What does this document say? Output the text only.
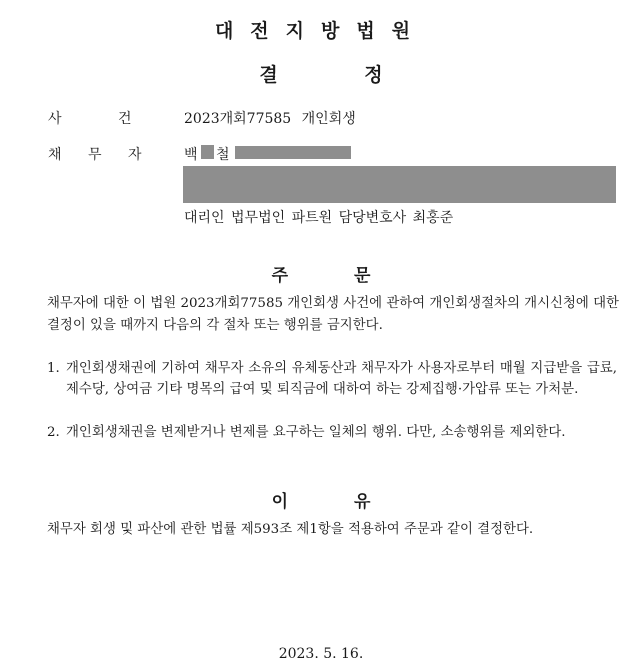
대전지방법원
결 정
사 건	2023개회77585 개인회생
채 무 자	백 철
대리인 법무법인 파트원 담당변호사 최홍준
주 문
채무자에 대한 이 법원 2023개회77585 개인회생 사건에 관하여 개인회생절차의 개시신청에 대한 결정이 있을 때까지 다음의 각 절차 또는 행위를 금지한다.
1. 개인회생채권에 기하여 채무자 소유의 유체동산과 채무자가 사용자로부터 매월 지급받을 급료, 제수당, 상여금 기타 명목의 급여 및 퇴직금에 대하여 하는 강제집행·가압류 또는 가처분.
2. 개인회생채권을 변제받거나 변제를 요구하는 일체의 행위. 다만, 소송행위를 제외한다.
이 유
채무자 회생 및 파산에 관한 법률 제593조 제1항을 적용하여 주문과 같이 결정한다.
2023. 5. 16.
